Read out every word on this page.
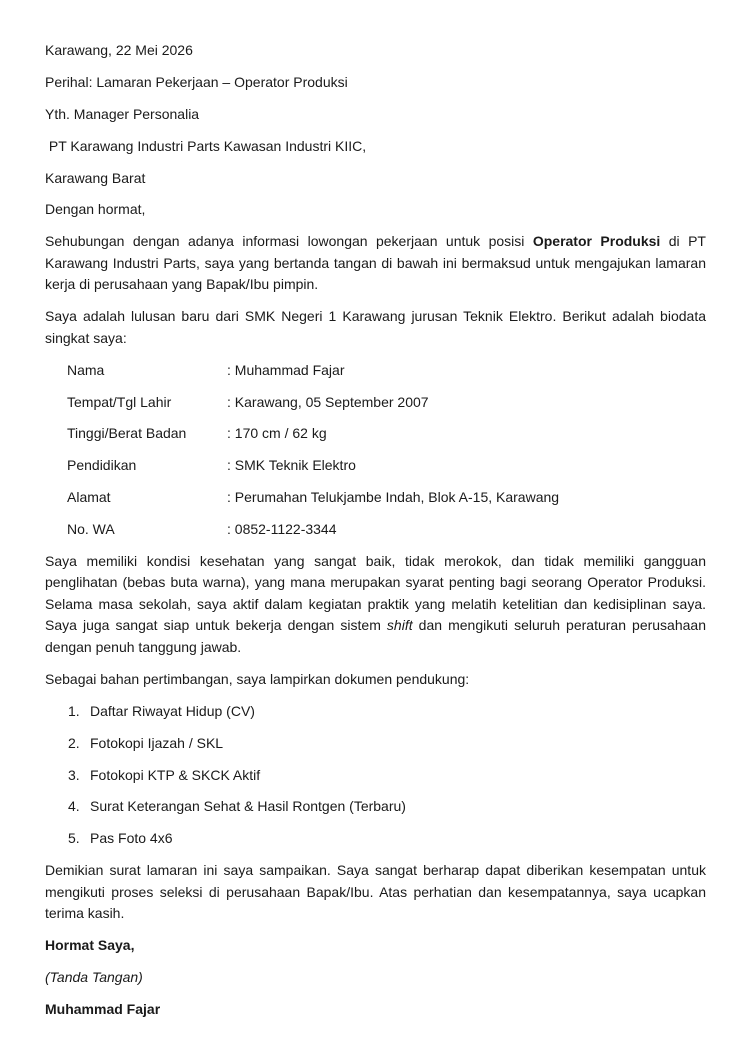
Karawang, 22 Mei 2026

Perihal: Lamaran Pekerjaan – Operator Produksi

Yth. Manager Personalia

PT Karawang Industri Parts Kawasan Industri KIIC,

Karawang Barat

Dengan hormat,

Sehubungan dengan adanya informasi lowongan pekerjaan untuk posisi Operator Produksi di PT Karawang Industri Parts, saya yang bertanda tangan di bawah ini bermaksud untuk mengajukan lamaran kerja di perusahaan yang Bapak/Ibu pimpin.

Saya adalah lulusan baru dari SMK Negeri 1 Karawang jurusan Teknik Elektro. Berikut adalah biodata singkat saya:

Nama	: Muhammad Fajar
Tempat/Tgl Lahir	: Karawang, 05 September 2007
Tinggi/Berat Badan	: 170 cm / 62 kg
Pendidikan	: SMK Teknik Elektro
Alamat	: Perumahan Telukjambe Indah, Blok A-15, Karawang
No. WA	: 0852-1122-3344

Saya memiliki kondisi kesehatan yang sangat baik, tidak merokok, dan tidak memiliki gangguan penglihatan (bebas buta warna), yang mana merupakan syarat penting bagi seorang Operator Produksi. Selama masa sekolah, saya aktif dalam kegiatan praktik yang melatih ketelitian dan kedisiplinan saya. Saya juga sangat siap untuk bekerja dengan sistem shift dan mengikuti seluruh peraturan perusahaan dengan penuh tanggung jawab.

Sebagai bahan pertimbangan, saya lampirkan dokumen pendukung:

1. Daftar Riwayat Hidup (CV)
2. Fotokopi Ijazah / SKL
3. Fotokopi KTP & SKCK Aktif
4. Surat Keterangan Sehat & Hasil Rontgen (Terbaru)
5. Pas Foto 4x6

Demikian surat lamaran ini saya sampaikan. Saya sangat berharap dapat diberikan kesempatan untuk mengikuti proses seleksi di perusahaan Bapak/Ibu. Atas perhatian dan kesempatannya, saya ucapkan terima kasih.

Hormat Saya,

(Tanda Tangan)

Muhammad Fajar
